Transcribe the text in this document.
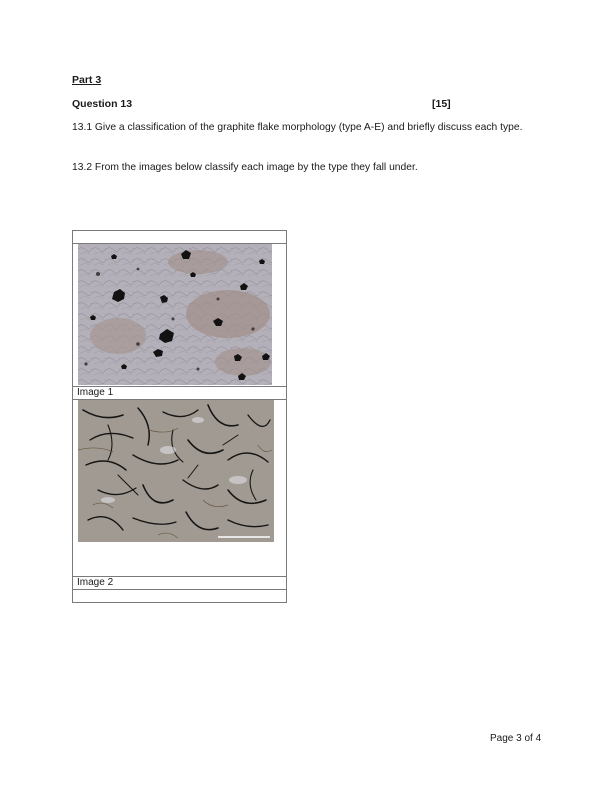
Part 3
Question 13	[15]
13.1 Give a classification of the graphite flake morphology (type A-E) and briefly discuss each type.
13.2 From the images below classify each image by the type they fall under.

Image 1

Image 2

Page 3 of 4
